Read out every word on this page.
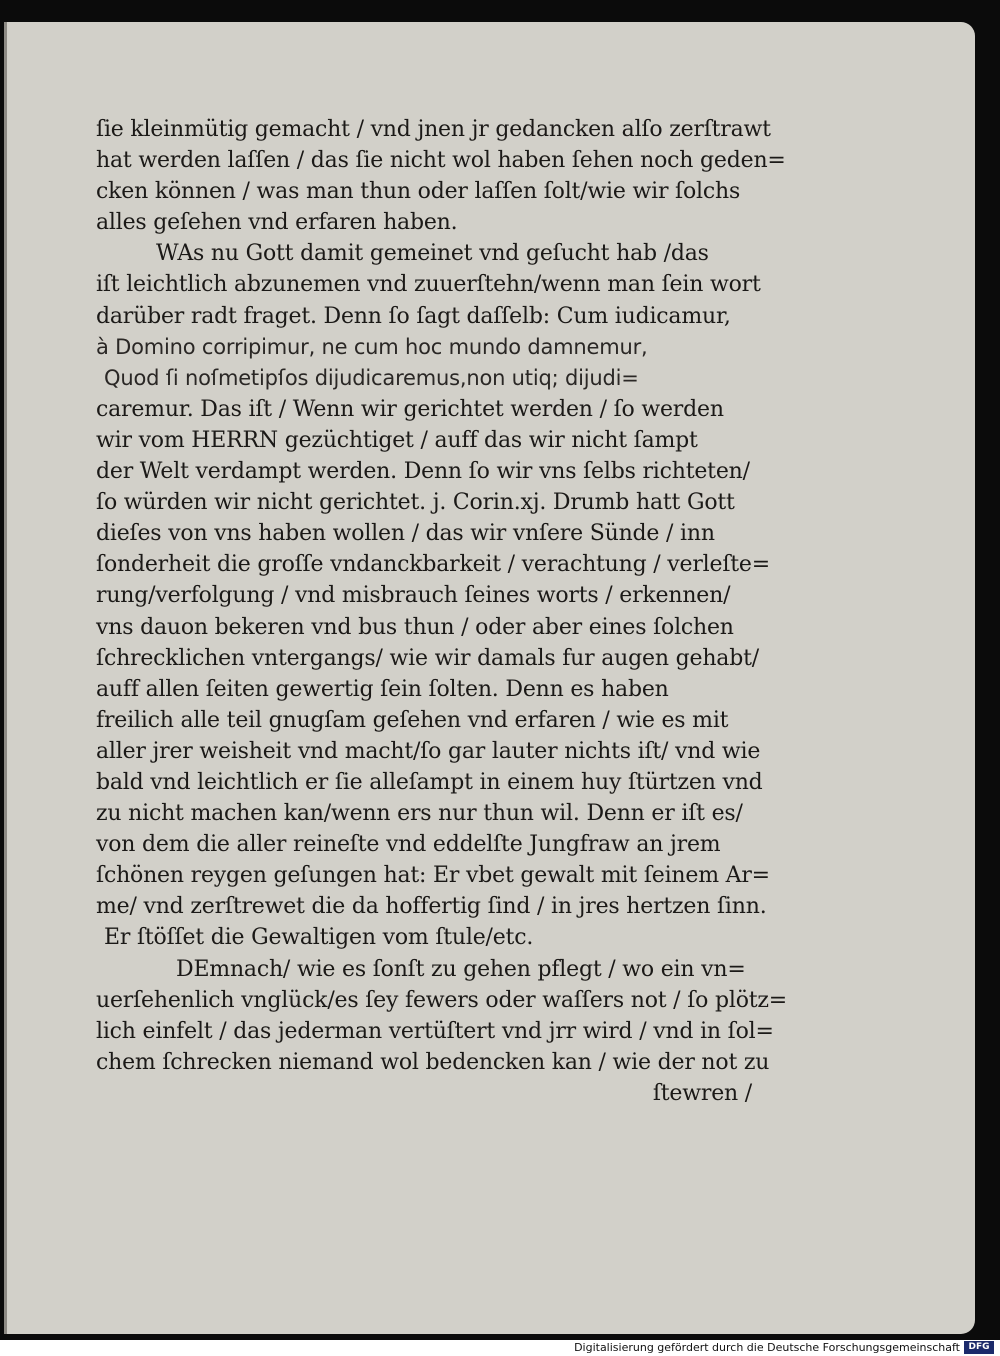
ſie kleinmütig gemacht / vnd jnen jr gedancken alſo zerſtrawt
hat werden laſſen / das ſie nicht wol haben ſehen noch geden=
cken können / was man thun oder laſſen ſolt/wie wir ſolchs
alles geſehen vnd erfaren haben.
WAs nu Gott damit gemeinet vnd geſucht hab /das
iſt leichtlich abzunemen vnd zuuerſtehn/wenn man ſein wort
darüber radt fraget. Denn ſo ſagt daſſelb: Cum iudicamur,
à Domino corripimur, ne cum hoc mundo damnemur,
Quod ſi noſmetipſos dijudicaremus,non utiq; dijudi=
caremur. Das iſt / Wenn wir gerichtet werden / ſo werden
wir vom HERRN gezüchtiget / auff das wir nicht ſampt
der Welt verdampt werden. Denn ſo wir vns ſelbs richteten/
ſo würden wir nicht gerichtet. j. Corin.xj. Drumb hatt Gott
dieſes von vns haben wollen / das wir vnſere Sünde / inn
ſonderheit die groſſe vndanckbarkeit / verachtung / verleſte=
rung/verfolgung / vnd misbrauch ſeines worts / erkennen/
vns dauon bekeren vnd bus thun / oder aber eines ſolchen
ſchrecklichen vntergangs/ wie wir damals fur augen gehabt/
auff allen ſeiten gewertig ſein ſolten. Denn es haben
freilich alle teil gnugſam geſehen vnd erfaren / wie es mit
aller jrer weisheit vnd macht/ſo gar lauter nichts iſt/ vnd wie
bald vnd leichtlich er ſie alleſampt in einem huy ſtürtzen vnd
zu nicht machen kan/wenn ers nur thun wil. Denn er iſt es/
von dem die aller reineſte vnd eddelſte Jungfraw an jrem
ſchönen reygen geſungen hat: Er vbet gewalt mit ſeinem Ar=
me/ vnd zerſtrewet die da hoffertig ſind / in jres hertzen ſinn.
Er ſtöſſet die Gewaltigen vom ſtule/etc.
DEmnach/ wie es ſonſt zu gehen pflegt / wo ein vn=
uerſehenlich vnglück/es ſey fewers oder waſſers not / ſo plötz=
lich einfelt / das jederman vertüſtert vnd jrr wird / vnd in ſol=
chem ſchrecken niemand wol bedencken kan / wie der not zu
ſtewren /
Digitalisierung gefördert durch die Deutsche Forschungsgemeinschaft DFG
